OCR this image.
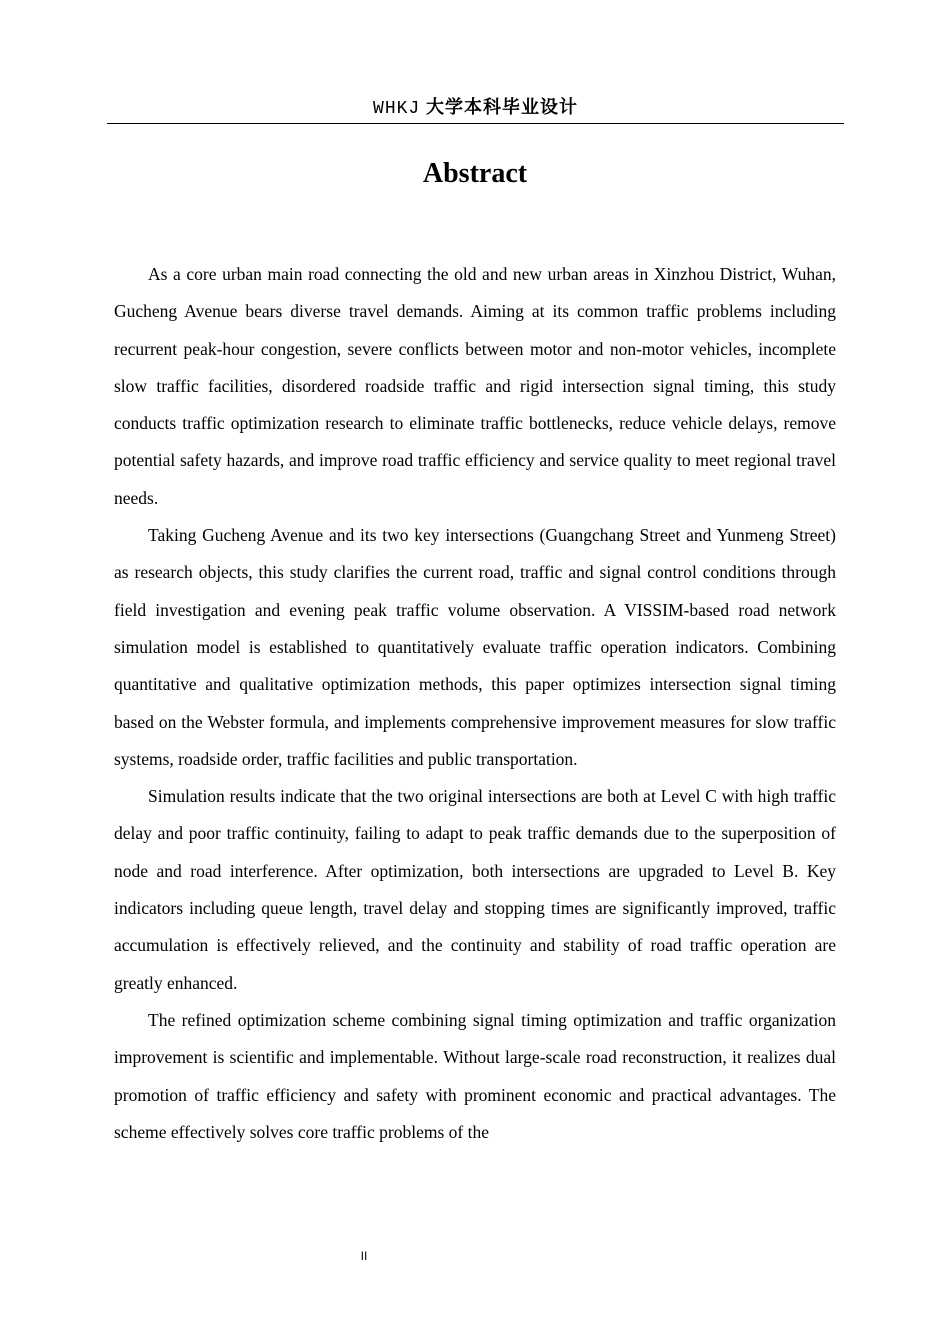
WHKJ 大学本科毕业设计
Abstract

As a core urban main road connecting the old and new urban areas in Xinzhou District, Wuhan, Gucheng Avenue bears diverse travel demands. Aiming at its common traffic problems including recurrent peak-hour congestion, severe conflicts between motor and non-motor vehicles, incomplete slow traffic facilities, disordered roadside traffic and rigid intersection signal timing, this study conducts traffic optimization research to eliminate traffic bottlenecks, reduce vehicle delays, remove potential safety hazards, and improve road traffic efficiency and service quality to meet regional travel needs.

Taking Gucheng Avenue and its two key intersections (Guangchang Street and Yunmeng Street) as research objects, this study clarifies the current road, traffic and signal control conditions through field investigation and evening peak traffic volume observation. A VISSIM-based road network simulation model is established to quantitatively evaluate traffic operation indicators. Combining quantitative and qualitative optimization methods, this paper optimizes intersection signal timing based on the Webster formula, and implements comprehensive improvement measures for slow traffic systems, roadside order, traffic facilities and public transportation.

Simulation results indicate that the two original intersections are both at Level C with high traffic delay and poor traffic continuity, failing to adapt to peak traffic demands due to the superposition of node and road interference. After optimization, both intersections are upgraded to Level B. Key indicators including queue length, travel delay and stopping times are significantly improved, traffic accumulation is effectively relieved, and the continuity and stability of road traffic operation are greatly enhanced.

The refined optimization scheme combining signal timing optimization and traffic organization improvement is scientific and implementable. Without large-scale road reconstruction, it realizes dual promotion of traffic efficiency and safety with prominent economic and practical advantages. The scheme effectively solves core traffic problems of the

II
